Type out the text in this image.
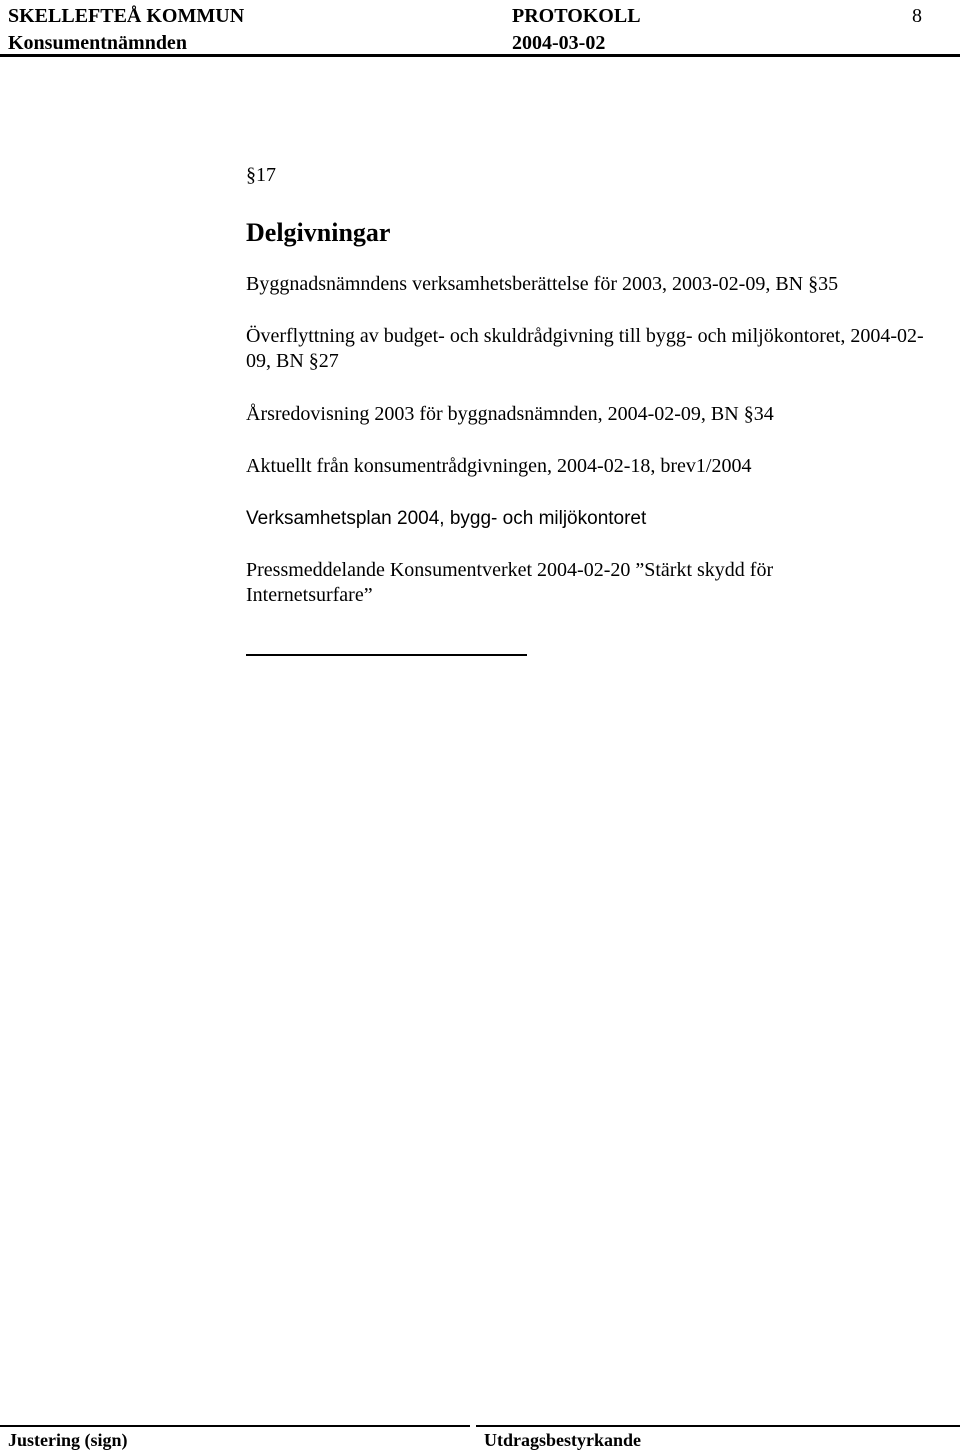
SKELLEFTEÅ KOMMUN
Konsumentnämnden
PROTOKOLL
2004-03-02
8
§17
Delgivningar
Byggnadsnämndens verksamhetsberättelse för 2003, 2003-02-09, BN §35
Överflyttning av budget- och skuldrådgivning till bygg- och miljökontoret, 2004-02-09, BN §27
Årsredovisning 2003 för byggnadsnämnden, 2004-02-09, BN §34
Aktuellt från konsumentrådgivningen, 2004-02-18, brev1/2004
Verksamhetsplan 2004, bygg- och miljökontoret
Pressmeddelande Konsumentverket 2004-02-20 ”Stärkt skydd för Internetsurfare”
Justering (sign)	Utdragsbestyrkande
